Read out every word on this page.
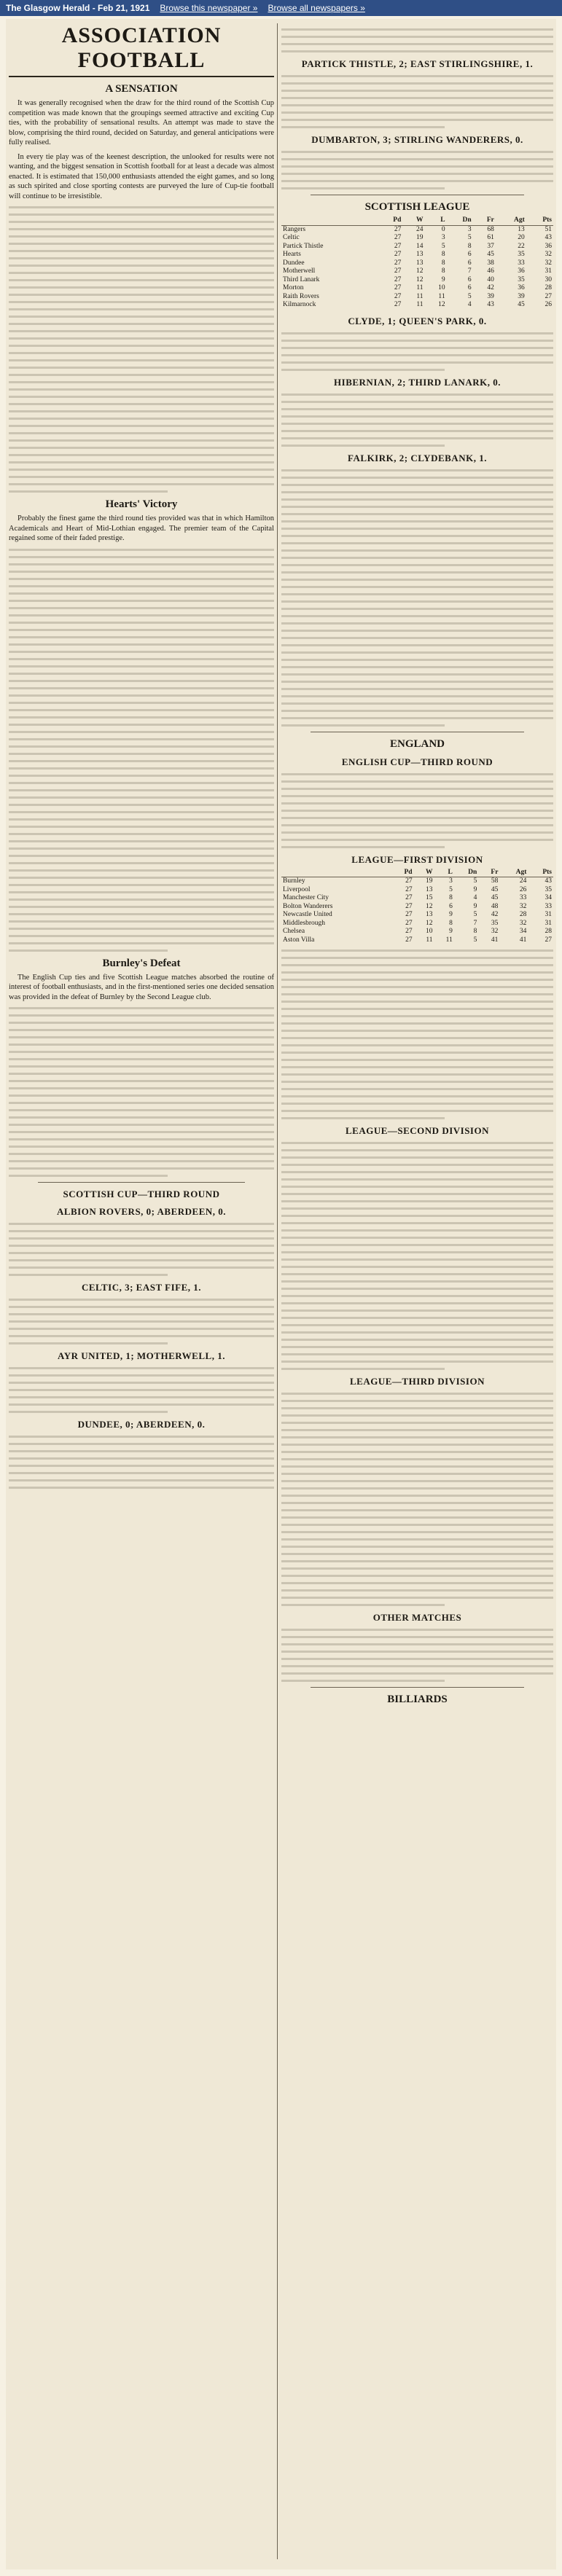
The Glasgow Herald - Feb 21, 1921 Browse this newspaper » Browse all newspapers »
ASSOCIATION FOOTBALL
A SENSATION

It was generally recognised when the draw for the third round of the Scottish Cup competition was made known that the groupings seemed attractive and exciting Cup ties, with the probability of sensational results. An attempt was made to stave the blow, comprising the third round, decided on Saturday, and general anticipations were fully realised.

In every tie play was of the keenest description, the unlooked for results were not wanting, and the biggest sensation in Scottish football for at least a decade was almost enacted. It is estimated that 150,000 enthusiasts attended the eight games, and so long as such spirited and close sporting contests are purveyed the lure of Cup-tie football will continue to be irresistible.

Hearts' Victory

Probably the finest game the third round ties provided was that in which Hamilton Academicals and Heart of Mid-Lothian engaged. The premier team of the Capital regained some of their faded prestige.

Burnley's Defeat

The English Cup ties and five Scottish League matches absorbed the routine of interest of football enthusiasts, and in the first-mentioned series one decided sensation was provided in the defeat of Burnley by the Second League club.

SCOTTISH CUP—THIRD ROUND
ALBION ROVERS, 0; ABERDEEN, 0.
CELTIC, 3; EAST FIFE, 1.
AYR UNITED, 1; MOTHERWELL, 1.
DUNDEE, 0; ABERDEEN, 0.
PARTICK THISTLE, 2; EAST STIRLINGSHIRE, 1.
DUMBARTON, 3; STIRLING WANDERERS, 0.
SCOTTISH LEAGUE
	Pd	W	L	Dn	Fr	Agt	Pts
Rangers	27	24	0	3	68	13	51
Celtic	27	19	3	5	61	20	43
Partick Thistle	27	14	5	8	37	22	36
Hearts	27	13	8	6	45	35	32
Dundee	27	13	8	6	38	33	32
Motherwell	27	12	8	7	46	36	31
Third Lanark	27	12	9	6	40	35	30
Morton	27	11	10	6	42	36	28
Raith Rovers	27	11	11	5	39	39	27
Kilmarnock	27	11	12	4	43	45	26
CLYDE, 1; QUEEN'S PARK, 0.
HIBERNIAN, 2; THIRD LANARK, 0.
FALKIRK, 2; CLYDEBANK, 1.
ENGLAND
ENGLISH CUP—THIRD ROUND
LEAGUE—FIRST DIVISION
	Pd	W	L	Dn	Fr	Agt	Pts
Burnley	27	19	3	5	58	24	43
Liverpool	27	13	5	9	45	26	35
Manchester City	27	15	8	4	45	33	34
Bolton Wanderers	27	12	6	9	48	32	33
Newcastle United	27	13	9	5	42	28	31
Middlesbrough	27	12	8	7	35	32	31
Chelsea	27	10	9	8	32	34	28
Aston Villa	27	11	11	5	41	41	27
LEAGUE—SECOND DIVISION
LEAGUE—THIRD DIVISION
OTHER MATCHES
BILLIARDS
